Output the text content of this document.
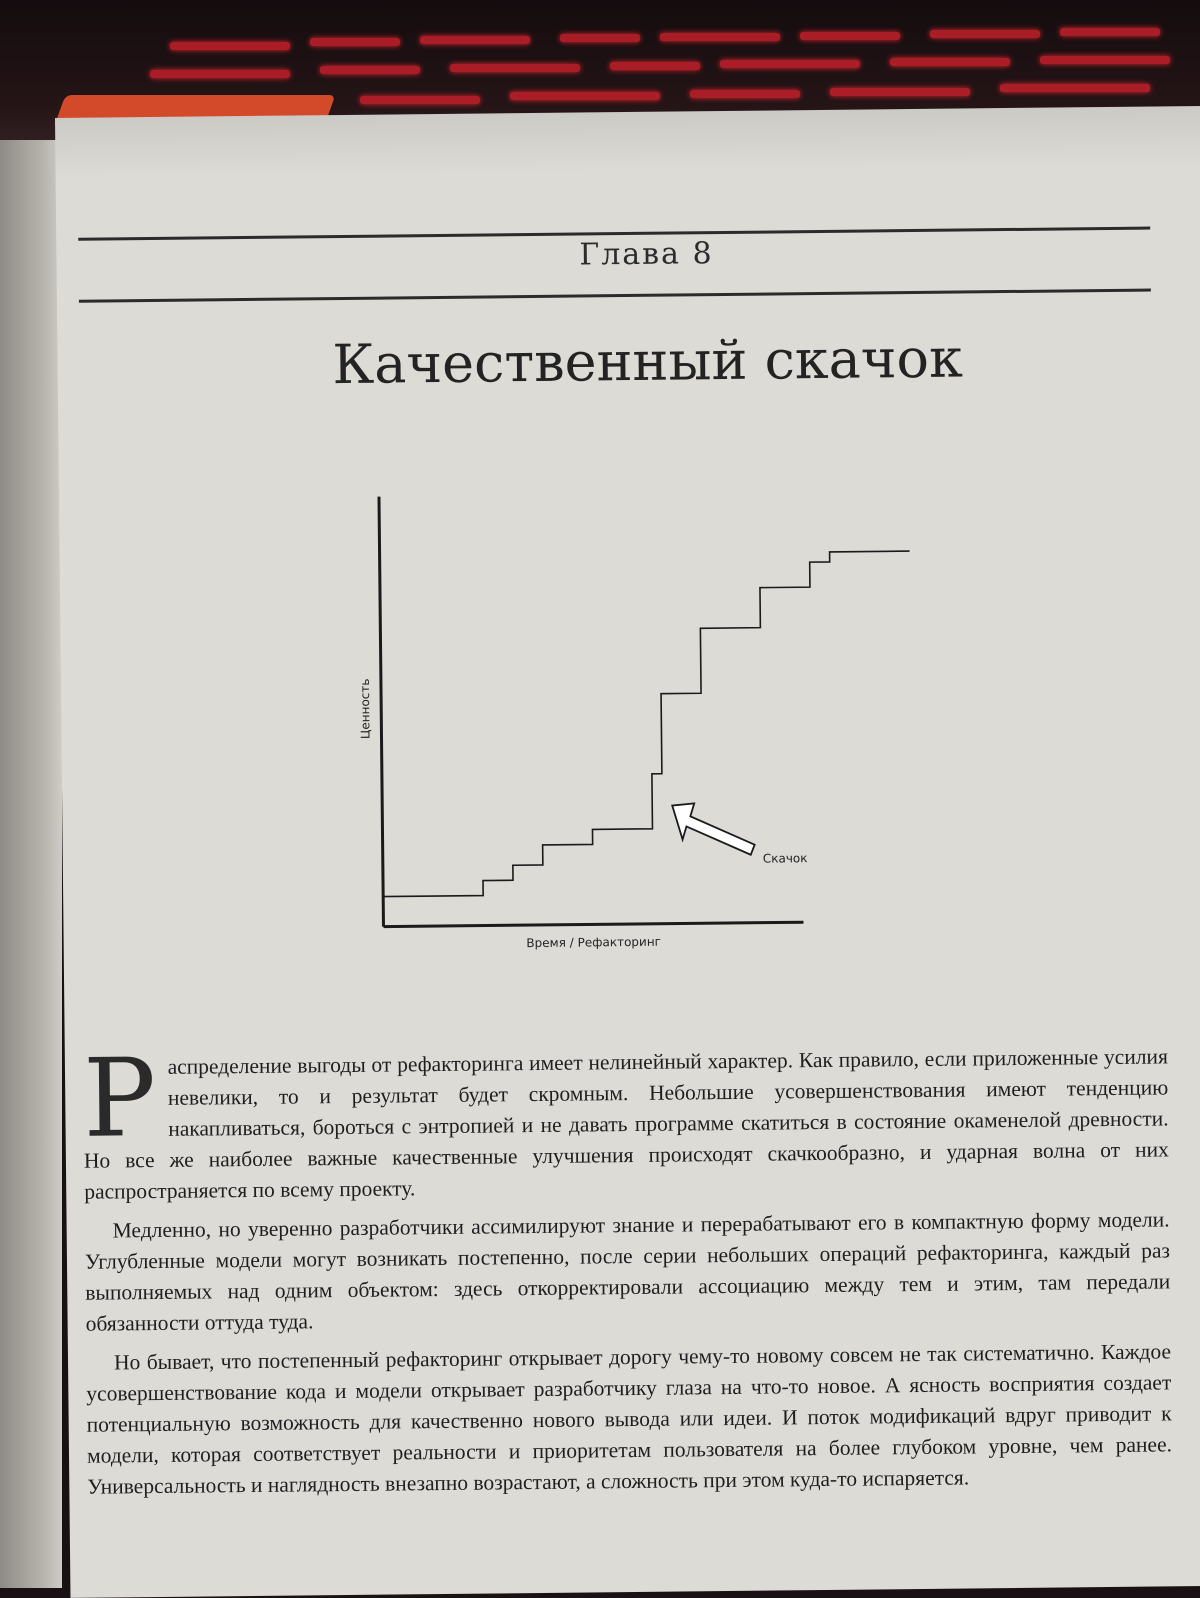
Глава 8
Качественный скачок
Ценность
Время / Рефакторинг
Скачок

Распределение выгоды от рефакторинга имеет нелинейный характер. Как правило, если приложенные усилия невелики, то и результат будет скромным. Небольшие усовершенствования имеют тенденцию накапливаться, бороться с энтропией и не давать программе скатиться в состояние окаменелой древности. Но все же наиболее важные качественные улучшения происходят скачкообразно, и ударная волна от них распространяется по всему проекту.

Медленно, но уверенно разработчики ассимилируют знание и перерабатывают его в компактную форму модели. Углубленные модели могут возникать постепенно, после серии небольших операций рефакторинга, каждый раз выполняемых над одним объектом: здесь откорректировали ассоциацию между тем и этим, там передали обязанности оттуда туда.

Но бывает, что постепенный рефакторинг открывает дорогу чему-то новому совсем не так систематично. Каждое усовершенствование кода и модели открывает разработчику глаза на что-то новое. А ясность восприятия создает потенциальную возможность для качественно нового вывода или идеи. И поток модификаций вдруг приводит к модели, которая соответствует реальности и приоритетам пользователя на более глубоком уровне, чем ранее. Универсальность и наглядность внезапно возрастают, а сложность при этом куда-то испаряется.
